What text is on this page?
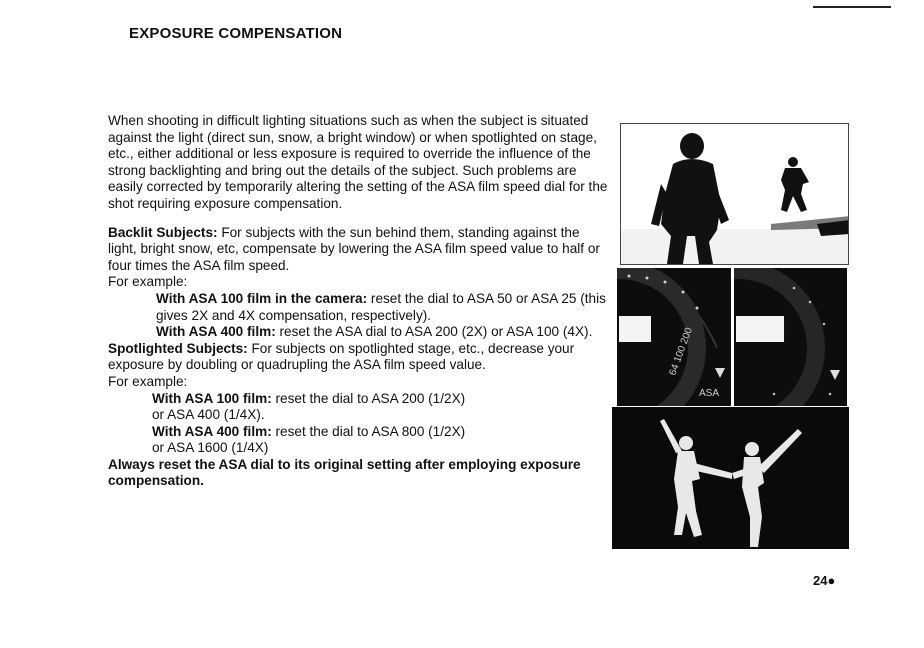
EXPOSURE COMPENSATION

When shooting in difficult lighting situations such as when the subject is situated against the light (direct sun, snow, a bright window) or when spotlighted on stage, etc., either additional or less exposure is required to override the influence of the strong backlighting and bring out the details of the subject. Such problems are easily corrected by temporarily altering the setting of the ASA film speed dial for the shot requiring exposure compensation.

Backlit Subjects: For subjects with the sun behind them, standing against the light, bright snow, etc, compensate by lowering the ASA film speed value to half or four times the ASA film speed.

For example:
With ASA 100 film in the camera: reset the dial to ASA 50 or ASA 25 (this gives 2X and 4X compensation, respectively).
With ASA 400 film: reset the ASA dial to ASA 200 (2X) or ASA 100 (4X).
Spotlighted Subjects: For subjects on spotlighted stage, etc., decrease your exposure by doubling or quadrupling the ASA film speed value.
For example:
With ASA 100 film: reset the dial to ASA 200 (1/2X)
or ASA 400 (1/4X).
With ASA 400 film: reset the dial to ASA 800 (1/2X)
or ASA 1600 (1/4X)
Always reset the ASA dial to its original setting after employing exposure compensation.
64 100 200
ASA
24●
